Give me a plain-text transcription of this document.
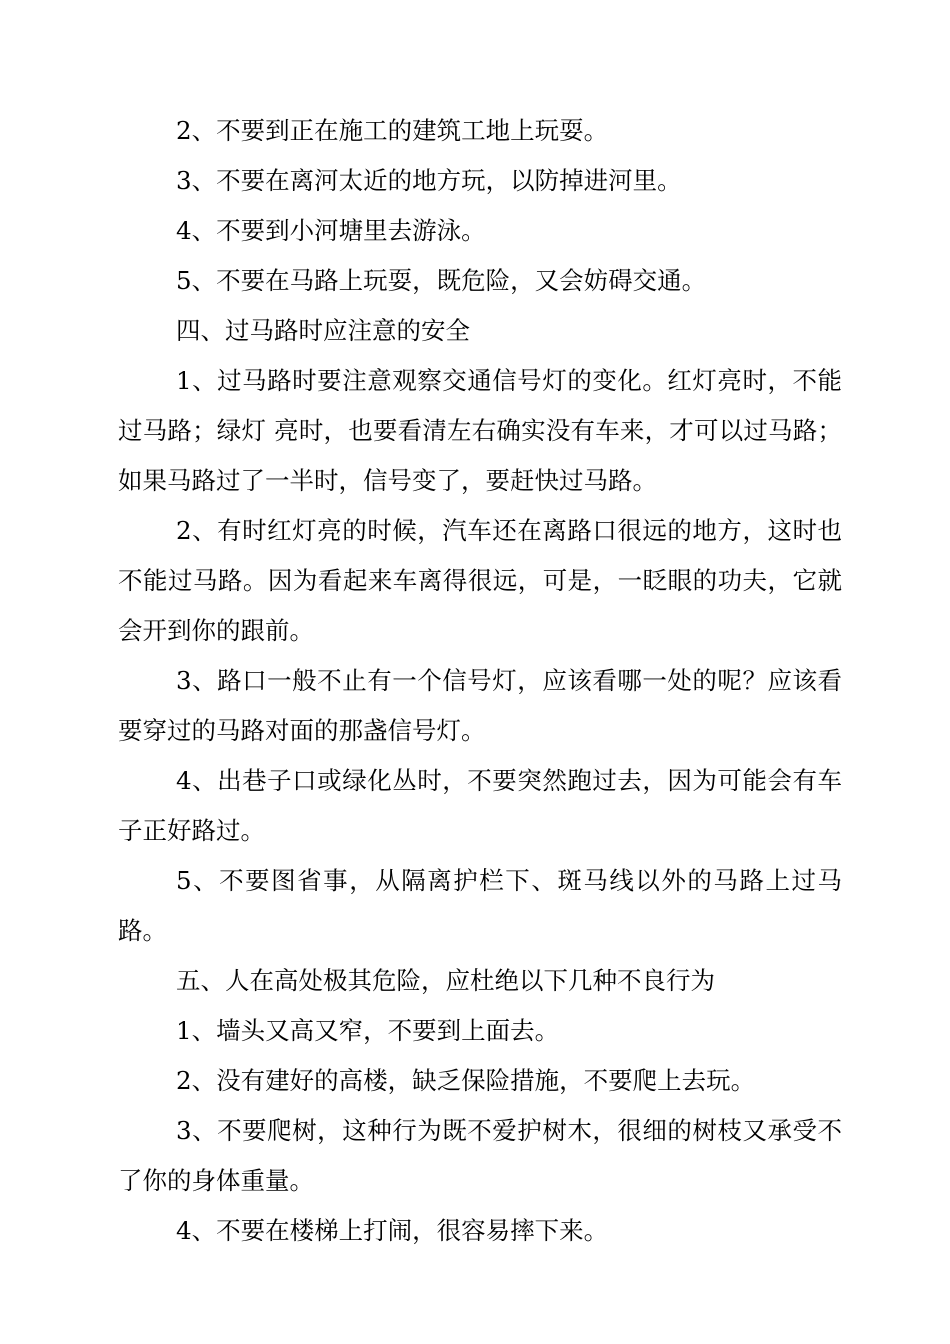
2、不要到正在施工的建筑工地上玩耍。

3、不要在离河太近的地方玩，以防掉进河里。

4、不要到小河塘里去游泳。

5、不要在马路上玩耍，既危险，又会妨碍交通。

四、过马路时应注意的安全

1、过马路时要注意观察交通信号灯的变化。红灯亮时，不能过马路；绿灯 亮时，也要看清左右确实没有车来，才可以过马路；如果马路过了一半时，信号变了，要赶快过马路。

2、有时红灯亮的时候，汽车还在离路口很远的地方，这时也不能过马路。因为看起来车离得很远，可是，一眨眼的功夫，它就会开到你的跟前。

3、路口一般不止有一个信号灯，应该看哪一处的呢？应该看要穿过的马路对面的那盏信号灯。

4、出巷子口或绿化丛时，不要突然跑过去，因为可能会有车子正好路过。

5、不要图省事，从隔离护栏下、斑马线以外的马路上过马路。

五、人在高处极其危险，应杜绝以下几种不良行为

1、墙头又高又窄，不要到上面去。

2、没有建好的高楼，缺乏保险措施，不要爬上去玩。

3、不要爬树，这种行为既不爱护树木，很细的树枝又承受不了你的身体重量。

4、不要在楼梯上打闹，很容易摔下来。
